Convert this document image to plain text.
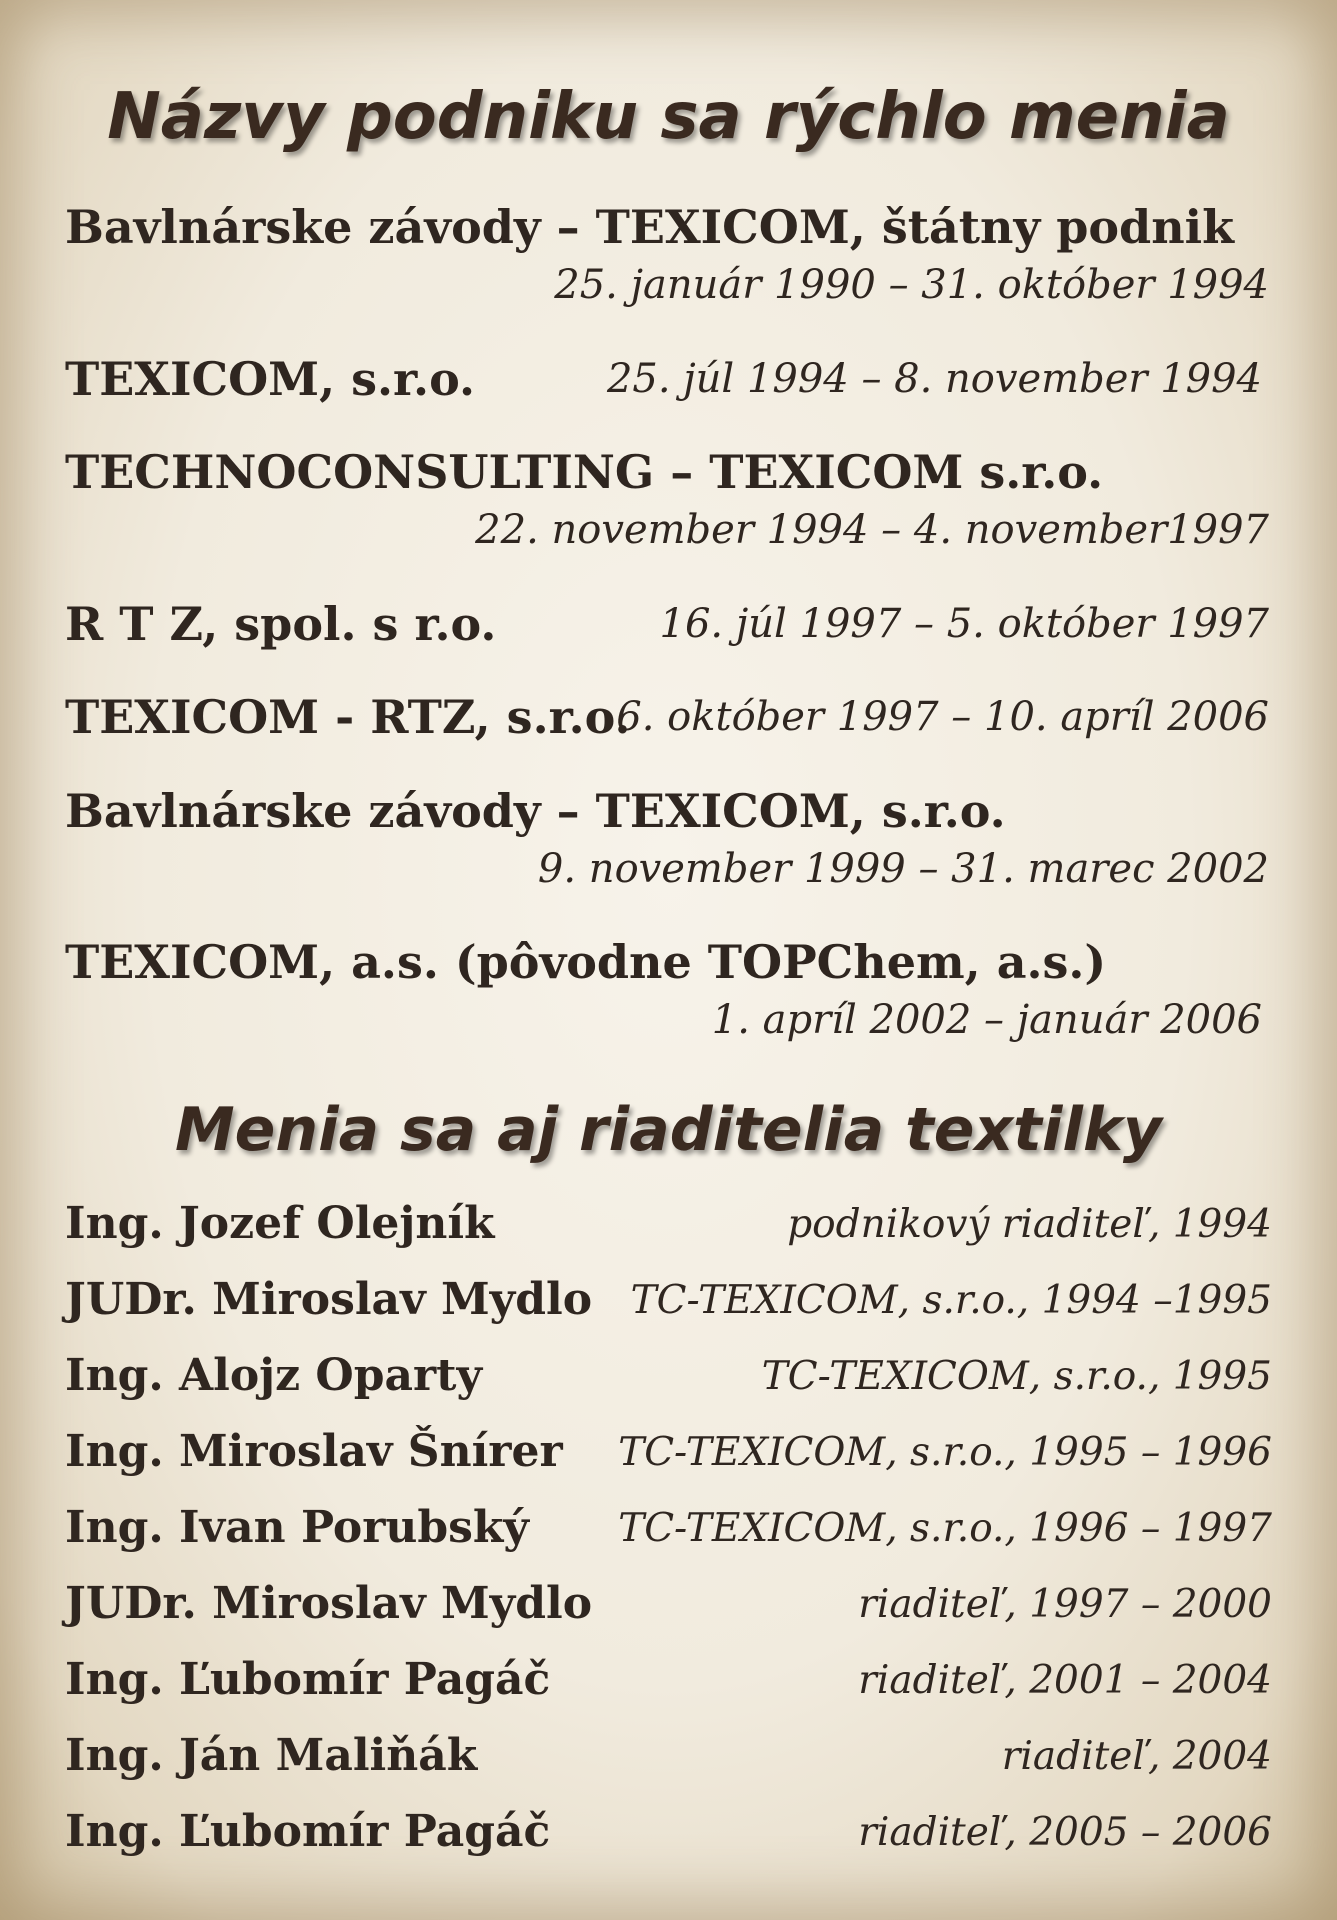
Názvy podniku sa rýchlo menia
Bavlnárske závody – TEXICOM, štátny podnik
25. január 1990 – 31. október 1994
TEXICOM, s.r.o.	25. júl 1994 – 8. november 1994
TECHNOCONSULTING – TEXICOM s.r.o.
22. november 1994 – 4. november1997
R T Z, spol. s r.o.	16. júl 1997 – 5. október 1997
TEXICOM - RTZ, s.r.o.
6. október 1997 – 10. apríl 2006
Bavlnárske závody – TEXICOM, s.r.o.
9. november 1999 – 31. marec 2002
TEXICOM, a.s. (pôvodne TOPChem, a.s.)
1. apríl 2002 – január 2006
Menia sa aj riaditelia textilky
Ing. Jozef Olejník	podnikový riaditeľ, 1994
JUDr. Miroslav Mydlo TC-TEXICOM, s.r.o., 1994 –1995
Ing. Alojz Oparty	TC-TEXICOM, s.r.o., 1995
Ing. Miroslav Šnírer TC-TEXICOM, s.r.o., 1995 – 1996
Ing. Ivan Porubský TC-TEXICOM, s.r.o., 1996 – 1997
JUDr. Miroslav Mydlo	riaditeľ, 1997 – 2000
Ing. Ľubomír Pagáč	riaditeľ, 2001 – 2004
Ing. Ján Maliňák	riaditeľ, 2004
Ing. Ľubomír Pagáč	riaditeľ, 2005 – 2006
